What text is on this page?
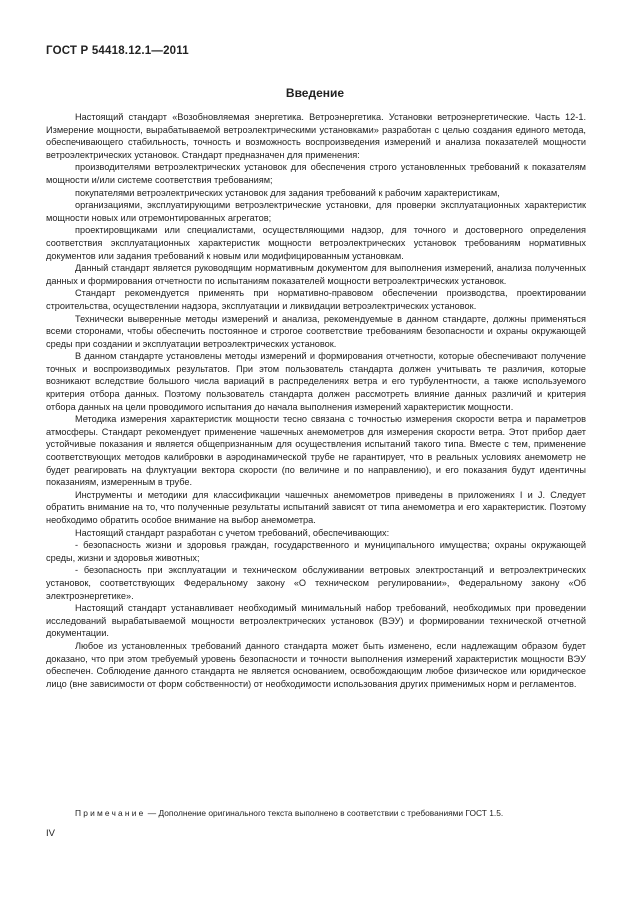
ГОСТ Р 54418.12.1—2011
Введение

Настоящий стандарт «Возобновляемая энергетика. Ветроэнергетика. Установки ветроэнергетические. Часть 12-1. Измерение мощности, вырабатываемой ветроэлектрическими установками» разработан с целью создания единого метода, обеспечивающего стабильность, точность и возможность воспроизведения измерений и анализа показателей мощности ветроэлектрических установок. Стандарт предназначен для применения:

производителями ветроэлектрических установок для обеспечения строго установленных требований к показателям мощности и/или системе соответствия требованиям;

покупателями ветроэлектрических установок для задания требований к рабочим характеристикам,

организациями, эксплуатирующими ветроэлектрические установки, для проверки эксплуатационных характеристик мощности новых или отремонтированных агрегатов;

проектировщиками или специалистами, осуществляющими надзор, для точного и достоверного определения соответствия эксплуатационных характеристик мощности ветроэлектрических установок требованиям нормативных документов или задания требований к новым или модифицированным установкам.

Данный стандарт является руководящим нормативным документом для выполнения измерений, анализа полученных данных и формирования отчетности по испытаниям показателей мощности ветроэлектрических установок.

Стандарт рекомендуется применять при нормативно-правовом обеспечении производства, проектировании строительства, осуществлении надзора, эксплуатации и ликвидации ветроэлектрических установок.

Технически выверенные методы измерений и анализа, рекомендуемые в данном стандарте, должны применяться всеми сторонами, чтобы обеспечить постоянное и строгое соответствие требованиям безопасности и охраны окружающей среды при создании и эксплуатации ветроэлектрических установок.

В данном стандарте установлены методы измерений и формирования отчетности, которые обеспечивают получение точных и воспроизводимых результатов. При этом пользователь стандарта должен учитывать те различия, которые возникают вследствие большого числа вариаций в распределениях ветра и его турбулентности, а также используемого критерия отбора данных. Поэтому пользователь стандарта должен рассмотреть влияние данных различий и критерия отбора данных на цели проводимого испытания до начала выполнения измерений характеристик мощности.

Методика измерения характеристик мощности тесно связана с точностью измерения скорости ветра и параметров атмосферы. Стандарт рекомендует применение чашечных анемометров для измерения скорости ветра. Этот прибор дает устойчивые показания и является общепризнанным для осуществления испытаний такого типа. Вместе с тем, применение соответствующих методов калибровки в аэродинамической трубе не гарантирует, что в реальных условиях анемометр не будет реагировать на флуктуации вектора скорости (по величине и по направлению), и его показания будут идентичны показаниям, измеренным в трубе.

Инструменты и методики для классификации чашечных анемометров приведены в приложениях I и J. Следует обратить внимание на то, что полученные результаты испытаний зависят от типа анемометра и его характеристик. Поэтому необходимо обратить особое внимание на выбор анемометра.

Настоящий стандарт разработан с учетом требований, обеспечивающих:

- безопасность жизни и здоровья граждан, государственного и муниципального имущества; охраны окружающей среды, жизни и здоровья животных;

- безопасность при эксплуатации и техническом обслуживании ветровых электростанций и ветроэлектрических установок, соответствующих Федеральному закону «О техническом регулировании», Федеральному закону «Об электроэнергетике».

Настоящий стандарт устанавливает необходимый минимальный набор требований, необходимых при проведении исследований вырабатываемой мощности ветроэлектрических установок (ВЭУ) и формировании технической отчетной документации.

Любое из установленных требований данного стандарта может быть изменено, если надлежащим образом будет доказано, что при этом требуемый уровень безопасности и точности выполнения измерений характеристик мощности ВЭУ обеспечен. Соблюдение данного стандарта не является основанием, освобождающим любое физическое или юридическое лицо (вне зависимости от форм собственности) от необходимости использования других применимых норм и регламентов.

Примечание — Дополнение оригинального текста выполнено в соответствии с требованиями ГОСТ 1.5.
IV
